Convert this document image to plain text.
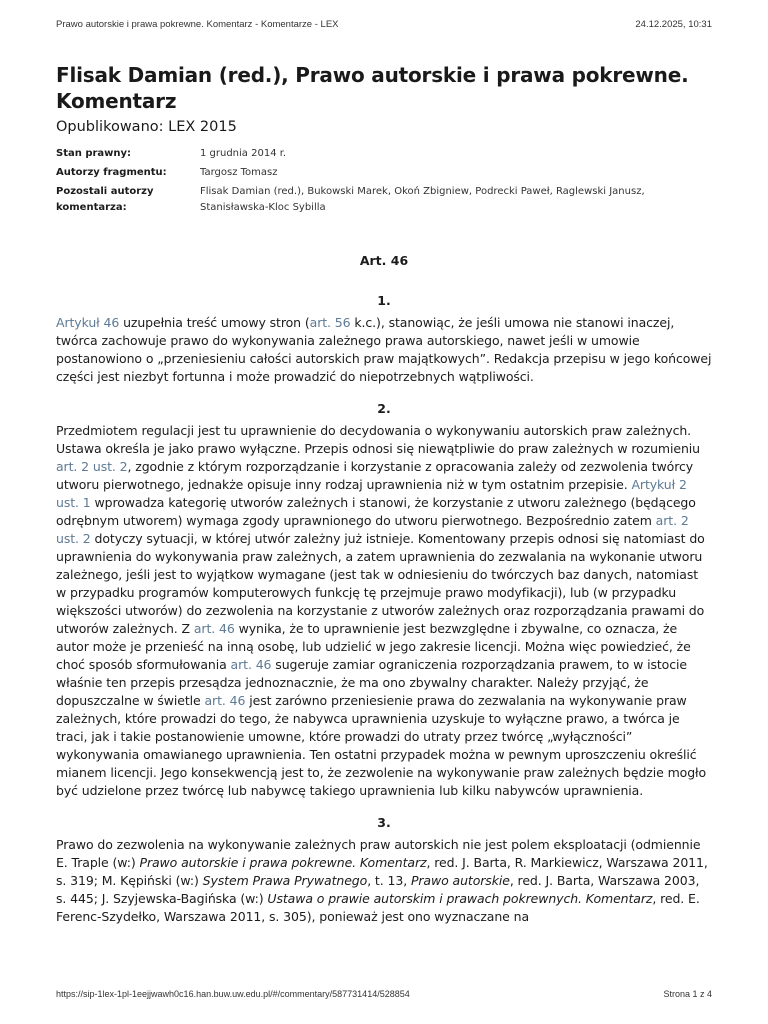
Prawo autorskie i prawa pokrewne. Komentarz - Komentarze - LEX	24.12.2025, 10:31
Flisak Damian (red.), Prawo autorskie i prawa pokrewne. Komentarz
Opublikowano: LEX 2015
Stan prawny:	1 grudnia 2014 r.
Autorzy fragmentu:	Targosz Tomasz
Pozostali autorzy komentarza:
Flisak Damian (red.), Bukowski Marek, Okoń Zbigniew, Podrecki Paweł, Raglewski Janusz, Stanisławska-Kloc Sybilla
Art. 46
1.

Artykuł 46 uzupełnia treść umowy stron (art. 56 k.c.), stanowiąc, że jeśli umowa nie stanowi inaczej, twórca zachowuje prawo do wykonywania zależnego prawa autorskiego, nawet jeśli w umowie postanowiono o „przeniesieniu całości autorskich praw majątkowych”. Redakcja przepisu w jego końcowej części jest niezbyt fortunna i może prowadzić do niepotrzebnych wątpliwości.

2.

Przedmiotem regulacji jest tu uprawnienie do decydowania o wykonywaniu autorskich praw zależnych. Ustawa określa je jako prawo wyłączne. Przepis odnosi się niewątpliwie do praw zależnych w rozumieniu art. 2 ust. 2, zgodnie z którym rozporządzanie i korzystanie z opracowania zależy od zezwolenia twórcy utworu pierwotnego, jednakże opisuje inny rodzaj uprawnienia niż w tym ostatnim przepisie. Artykuł 2 ust. 1 wprowadza kategorię utworów zależnych i stanowi, że korzystanie z utworu zależnego (będącego odrębnym utworem) wymaga zgody uprawnionego do utworu pierwotnego. Bezpośrednio zatem art. 2 ust. 2 dotyczy sytuacji, w której utwór zależny już istnieje. Komentowany przepis odnosi się natomiast do uprawnienia do wykonywania praw zależnych, a zatem uprawnienia do zezwalania na wykonanie utworu zależnego, jeśli jest to wyjątkow wymagane (jest tak w odniesieniu do twórczych baz danych, natomiast w przypadku programów komputerowych funkcję tę przejmuje prawo modyfikacji), lub (w przypadku większości utworów) do zezwolenia na korzystanie z utworów zależnych oraz rozporządzania prawami do utworów zależnych. Z art. 46 wynika, że to uprawnienie jest bezwzględne i zbywalne, co oznacza, że autor może je przenieść na inną osobę, lub udzielić w jego zakresie licencji. Można więc powiedzieć, że choć sposób sformułowania art. 46 sugeruje zamiar ograniczenia rozporządzania prawem, to w istocie właśnie ten przepis przesądza jednoznacznie, że ma ono zbywalny charakter. Należy przyjąć, że dopuszczalne w świetle art. 46 jest zarówno przeniesienie prawa do zezwalania na wykonywanie praw zależnych, które prowadzi do tego, że nabywca uprawnienia uzyskuje to wyłączne prawo, a twórca je traci, jak i takie postanowienie umowne, które prowadzi do utraty przez twórcę „wyłączności” wykonywania omawianego uprawnienia. Ten ostatni przypadek można w pewnym uproszczeniu określić mianem licencji. Jego konsekwencją jest to, że zezwolenie na wykonywanie praw zależnych będzie mogło być udzielone przez twórcę lub nabywcę takiego uprawnienia lub kilku nabywców uprawnienia.

3.

Prawo do zezwolenia na wykonywanie zależnych praw autorskich nie jest polem eksploatacji (odmiennie E. Traple (w:) Prawo autorskie i prawa pokrewne. Komentarz, red. J. Barta, R. Markiewicz, Warszawa 2011, s. 319; M. Kępiński (w:) System Prawa Prywatnego, t. 13, Prawo autorskie, red. J. Barta, Warszawa 2003, s. 445; J. Szyjewska-Bagińska (w:) Ustawa o prawie autorskim i prawach pokrewnych. Komentarz, red. E. Ferenc-Szydełko, Warszawa 2011, s. 305), ponieważ jest ono wyznaczane na

https://sip-1lex-1pl-1eejjwawh0c16.han.buw.uw.edu.pl/#/commentary/587731414/528854	Strona 1 z 4
